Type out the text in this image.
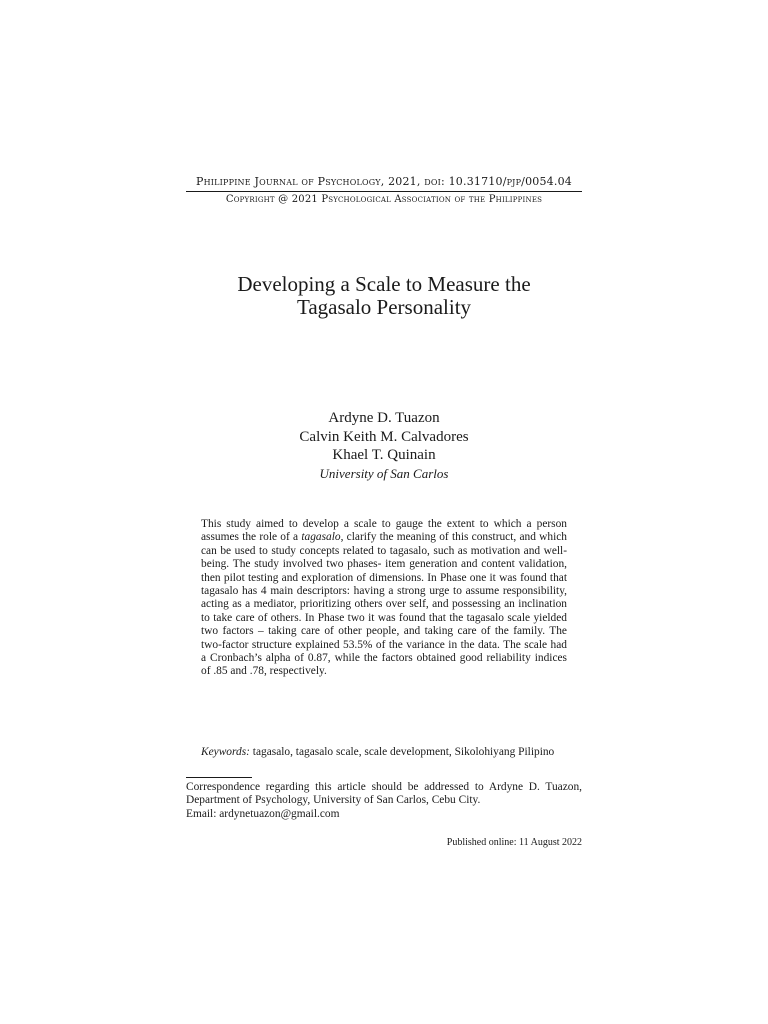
Philippine Journal of Psychology, 2021, doi: 10.31710/pjp/0054.04
Copyright @ 2021 Psychological Association of the Philippines
Developing a Scale to Measure the
Tagasalo Personality
Ardyne D. Tuazon
Calvin Keith M. Calvadores
Khael T. Quinain
University of San Carlos
This study aimed to develop a scale to gauge the extent to which a person assumes the role of a tagasalo, clarify the meaning of this construct, and which can be used to study concepts related to tagasalo, such as motivation and well-being. The study involved two phases- item generation and content validation, then pilot testing and exploration of dimensions. In Phase one it was found that tagasalo has 4 main descriptors: having a strong urge to assume responsibility, acting as a mediator, prioritizing others over self, and possessing an inclination to take care of others. In Phase two it was found that the tagasalo scale yielded two factors – taking care of other people, and taking care of the family. The two-factor structure explained 53.5% of the variance in the data. The scale had a Cronbach’s alpha of 0.87, while the factors obtained good reliability indices of .85 and .78, respectively.
Keywords: tagasalo, tagasalo scale, scale development, Sikolohiyang Pilipino
Correspondence regarding this article should be addressed to Ardyne D. Tuazon, Department of Psychology, University of San Carlos, Cebu City.
Email: ardynetuazon@gmail.com
Published online: 11 August 2022
